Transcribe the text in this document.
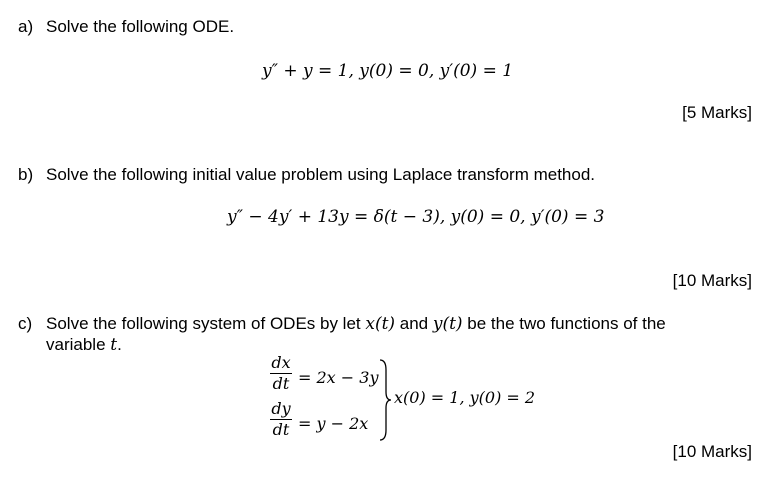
a) Solve the following ODE.
y″ + y = 1, y(0) = 0, y′(0) = 1
[5 Marks]
b) Solve the following initial value problem using Laplace transform method.
y″ − 4y′ + 13y = δ(t − 3), y(0) = 0, y′(0) = 3
[10 Marks]
c) Solve the following system of ODEs by let x(t) and y(t) be the two functions of the
variable t.
dx
dt = 2x − 3y
dy
dt = y − 2x
x(0) = 1, y(0) = 2
[10 Marks]
